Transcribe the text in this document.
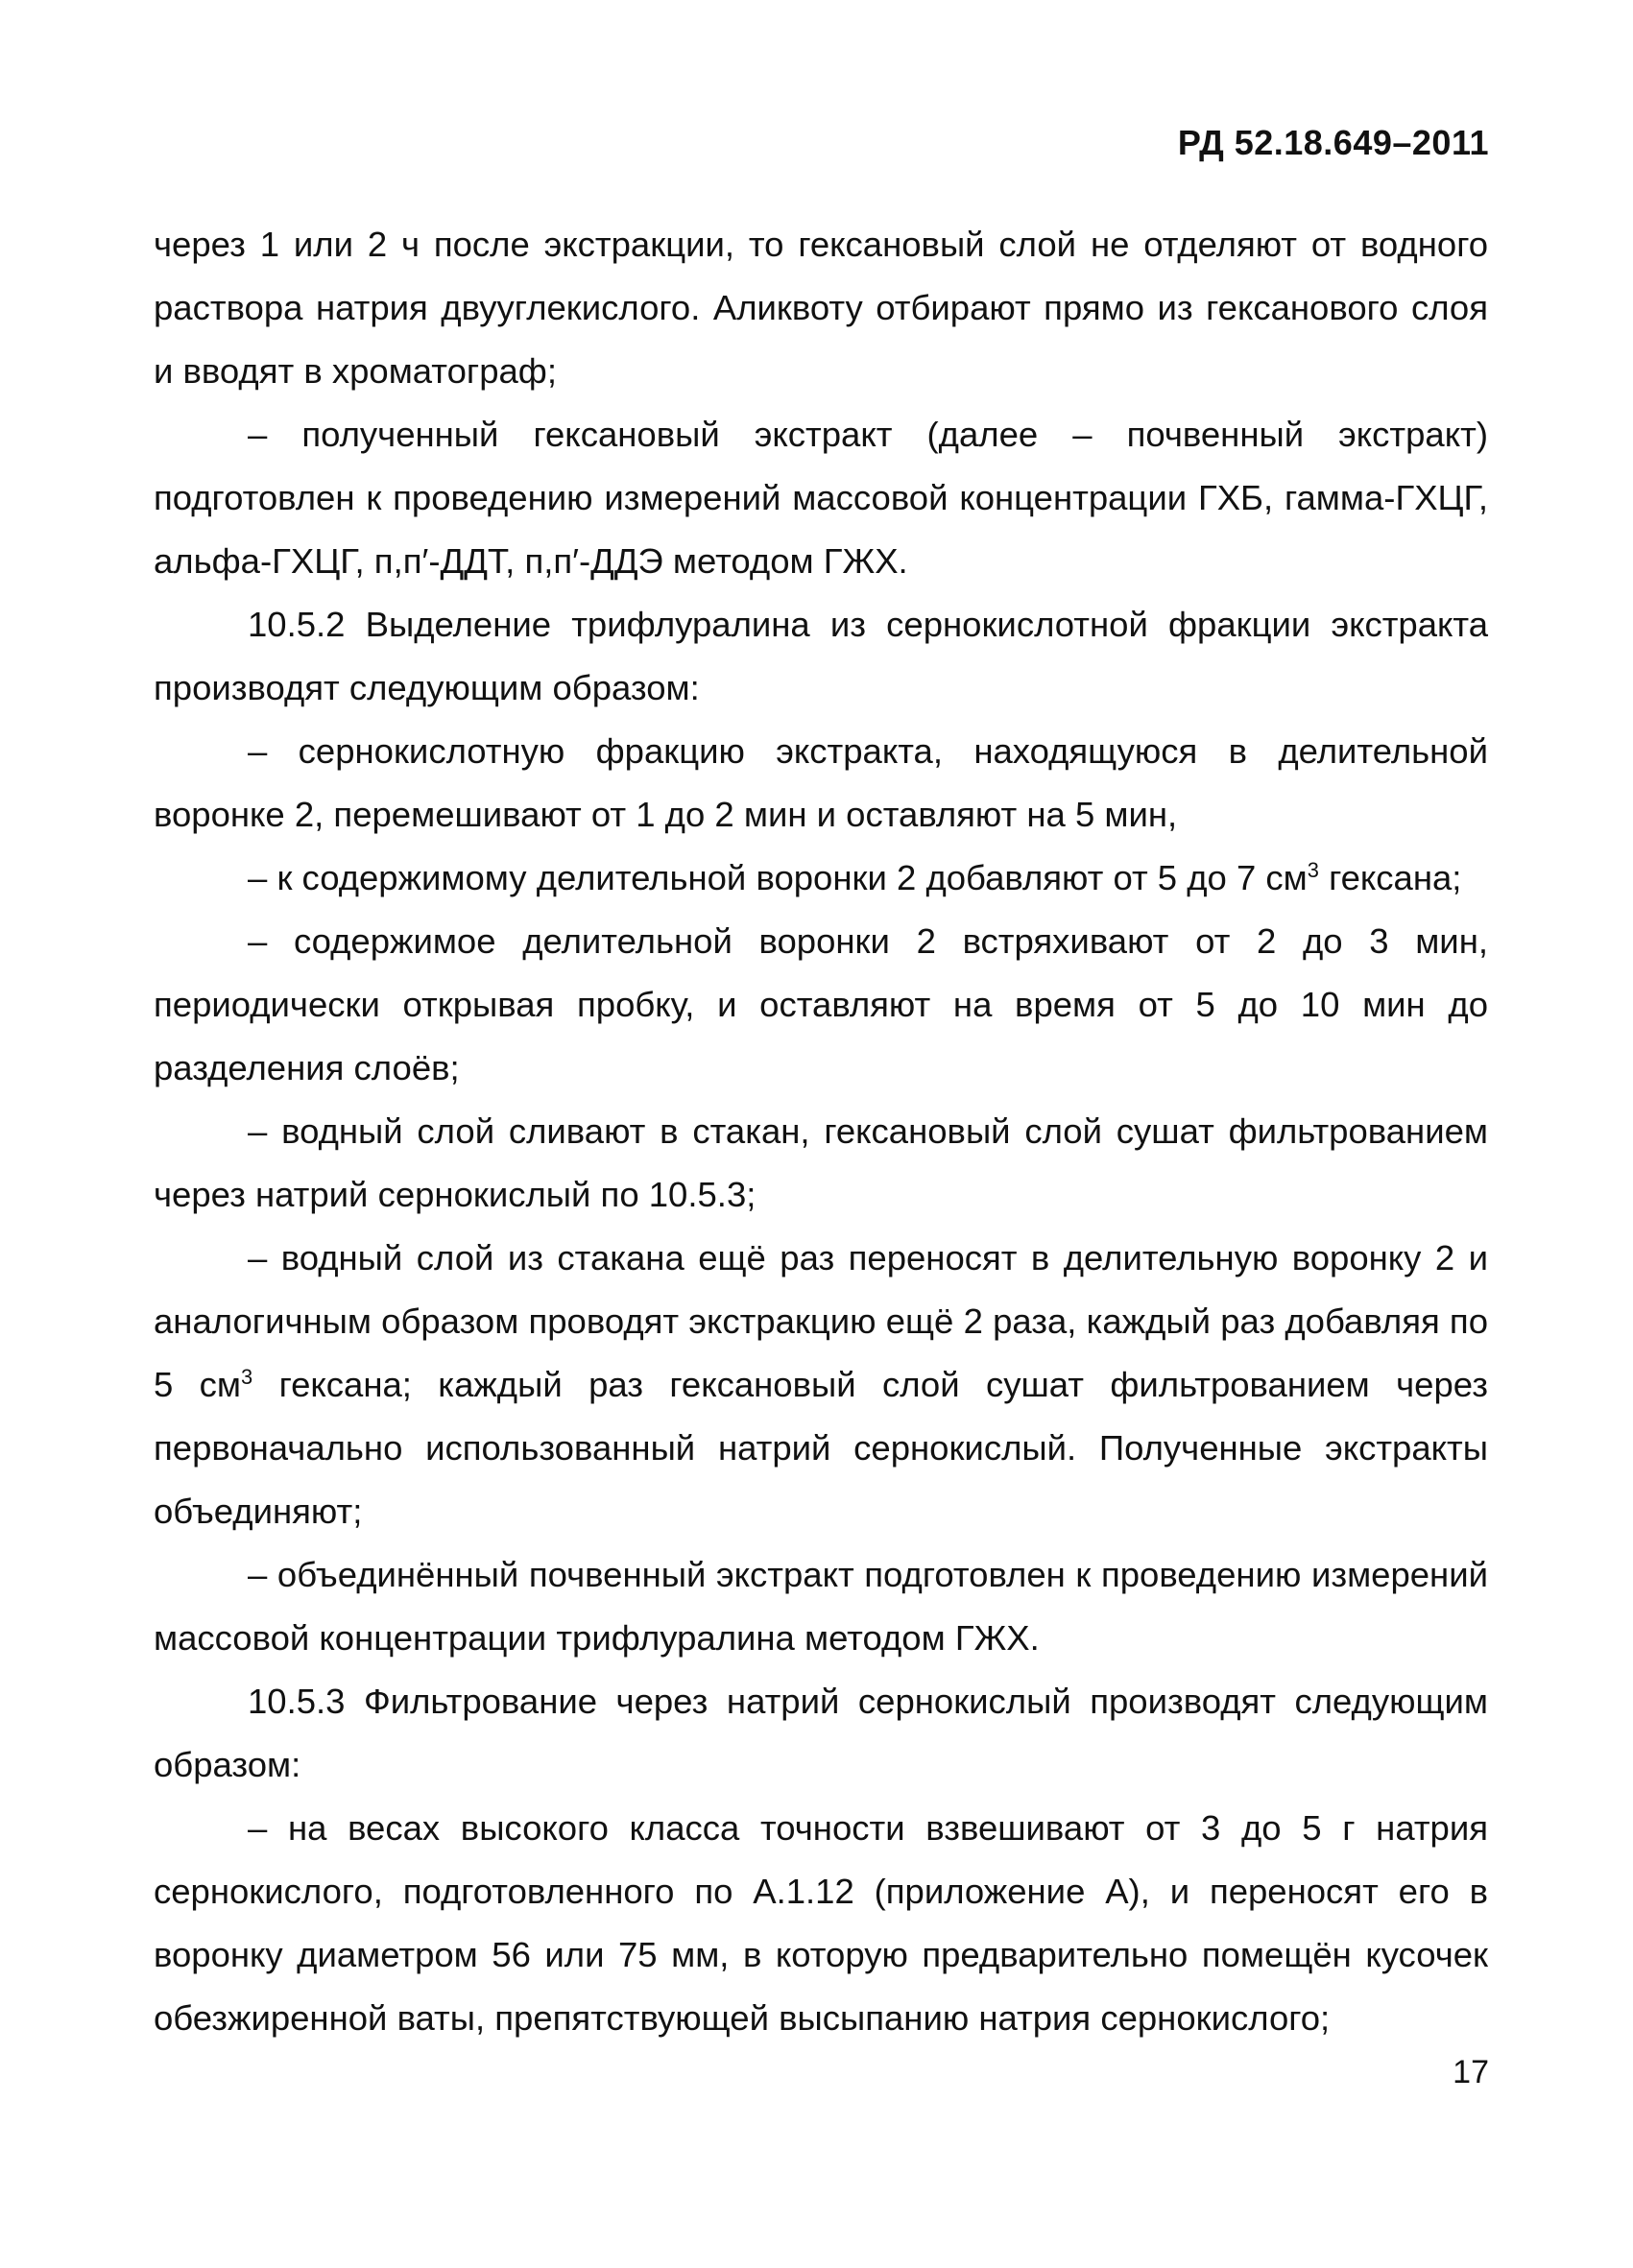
РД 52.18.649–2011

через 1 или 2 ч после экстракции, то гексановый слой не отделяют от водного раствора натрия двууглекислого. Аликвоту отбирают прямо из гексанового слоя и вводят в хроматограф;

– полученный гексановый экстракт (далее – почвенный экстракт) подготовлен к проведению измерений массовой концентрации ГХБ, гамма-ГХЦГ, альфа-ГХЦГ, п,п′-ДДТ, п,п′-ДДЭ методом ГЖХ.

10.5.2 Выделение трифлуралина из сернокислотной фракции экстракта производят следующим образом:

– сернокислотную фракцию экстракта, находящуюся в делительной воронке 2, перемешивают от 1 до 2 мин и оставляют на 5 мин,

– к содержимому делительной воронки 2 добавляют от 5 до 7 $см^3$ гексана;

– содержимое делительной воронки 2 встряхивают от 2 до 3 мин, периодически открывая пробку, и оставляют на время от 5 до 10 мин до разделения слоёв;

– водный слой сливают в стакан, гексановый слой сушат фильтрованием через натрий сернокислый по 10.5.3;

– водный слой из стакана ещё раз переносят в делительную воронку 2 и аналогичным образом проводят экстракцию ещё 2 раза, каждый раз добавляя по 5 $см^3$ гексана; каждый раз гексановый слой сушат фильтрованием через первоначально использованный натрий сернокислый. Полученные экстракты объединяют;

– объединённый почвенный экстракт подготовлен к проведению измерений массовой концентрации трифлуралина методом ГЖХ.

10.5.3 Фильтрование через натрий сернокислый производят следующим образом:

– на весах высокого класса точности взвешивают от 3 до 5 г натрия сернокислого, подготовленного по А.1.12 (приложение А), и переносят его в воронку диаметром 56 или 75 мм, в которую предварительно помещён кусочек обезжиренной ваты, препятствующей высыпанию натрия сернокислого;

17
